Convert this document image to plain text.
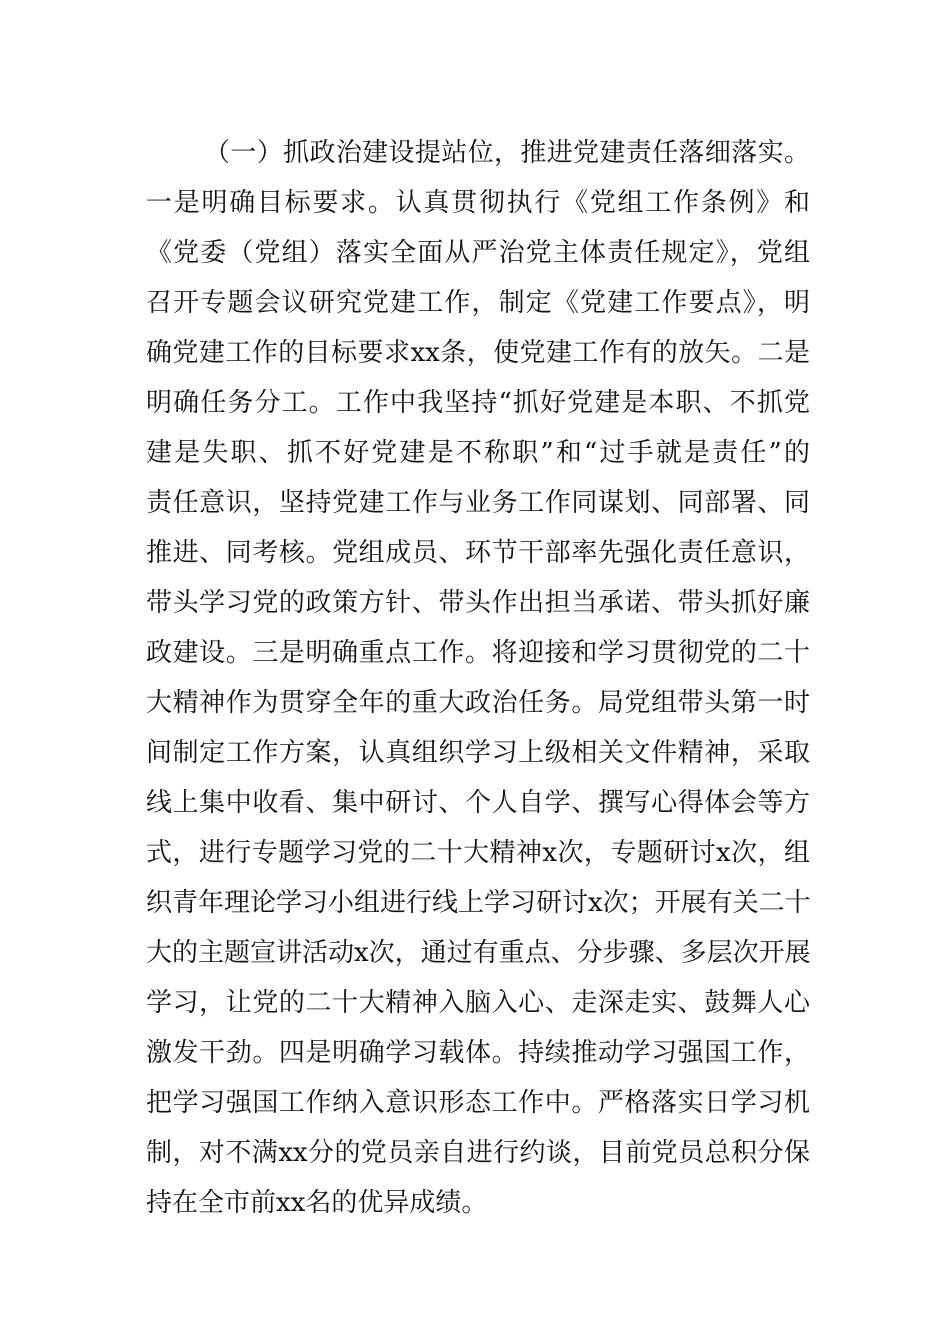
（一）抓政治建设提站位，推进党建责任落细落实。
一是明确目标要求。认真贯彻执行《党组工作条例》和
《党委（党组）落实全面从严治党主体责任规定》，党组
召开专题会议研究党建工作，制定《党建工作要点》，明
确党建工作的目标要求xx条，使党建工作有的放矢。二是
明确任务分工。工作中我坚持“抓好党建是本职、不抓党
建是失职、抓不好党建是不称职”和“过手就是责任”的
责任意识，坚持党建工作与业务工作同谋划、同部署、同
推进、同考核。党组成员、环节干部率先强化责任意识，
带头学习党的政策方针、带头作出担当承诺、带头抓好廉
政建设。三是明确重点工作。将迎接和学习贯彻党的二十
大精神作为贯穿全年的重大政治任务。局党组带头第一时
间制定工作方案，认真组织学习上级相关文件精神，采取
线上集中收看、集中研讨、个人自学、撰写心得体会等方
式，进行专题学习党的二十大精神x次，专题研讨x次，组
织青年理论学习小组进行线上学习研讨x次；开展有关二十
大的主题宣讲活动x次，通过有重点、分步骤、多层次开展
学习，让党的二十大精神入脑入心、走深走实、鼓舞人心
激发干劲。四是明确学习载体。持续推动学习强国工作，
把学习强国工作纳入意识形态工作中。严格落实日学习机
制，对不满xx分的党员亲自进行约谈，目前党员总积分保
持在全市前xx名的优异成绩。
